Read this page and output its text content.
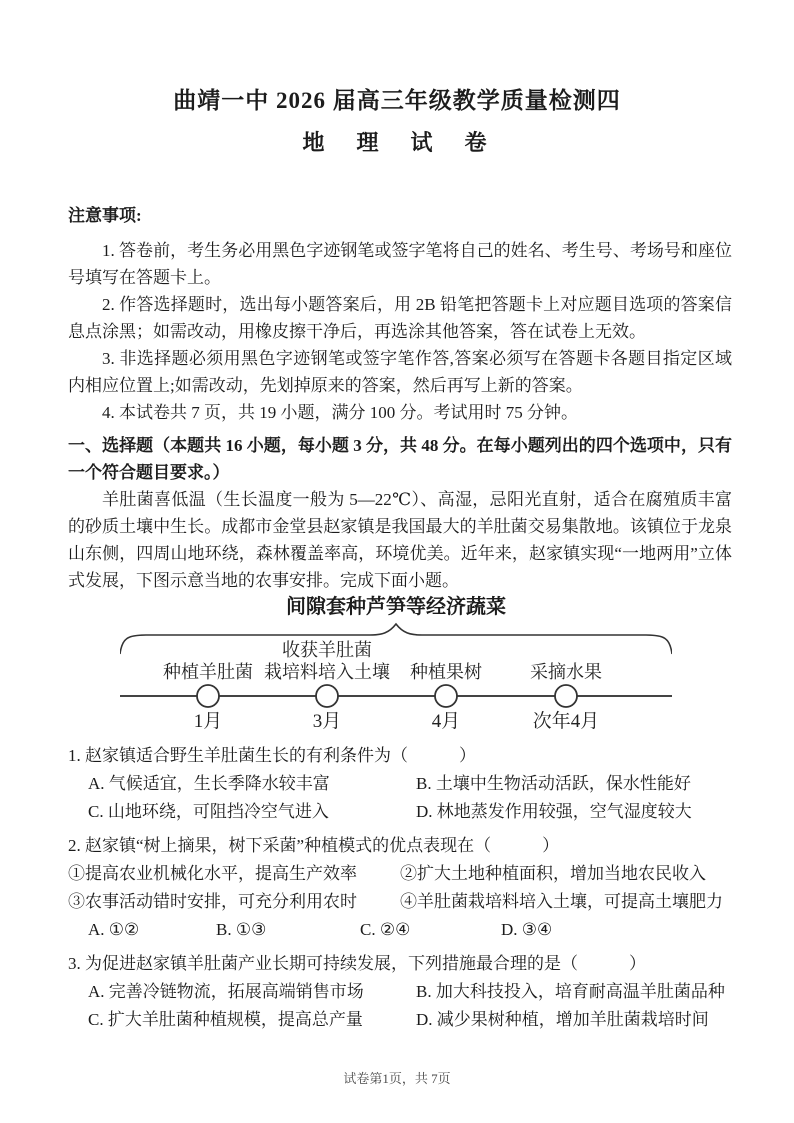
曲靖一中 2026 届高三年级教学质量检测四
地　理　试　卷
注意事项:

1. 答卷前，考生务必用黑色字迹钢笔或签字笔将自己的姓名、考生号、考场号和座位号填写在答题卡上。

2. 作答选择题时，选出每小题答案后，用 2B 铅笔把答题卡上对应题目选项的答案信息点涂黑；如需改动，用橡皮擦干净后，再选涂其他答案，答在试卷上无效。

3. 非选择题必须用黑色字迹钢笔或签字笔作答,答案必须写在答题卡各题目指定区域内相应位置上;如需改动，先划掉原来的答案，然后再写上新的答案。

4. 本试卷共 7 页，共 19 小题，满分 100 分。考试用时 75 分钟。

一、选择题（本题共 16 小题，每小题 3 分，共 48 分。在每小题列出的四个选项中，只有一个符合题目要求。）

羊肚菌喜低温（生长温度一般为 5—22℃）、高湿，忌阳光直射，适合在腐殖质丰富的砂质土壤中生长。成都市金堂县赵家镇是我国最大的羊肚菌交易集散地。该镇位于龙泉山东侧，四周山地环绕，森林覆盖率高，环境优美。近年来，赵家镇实现“一地两用”立体式发展，下图示意当地的农事安排。完成下面小题。

间隙套种芦笋等经济蔬菜
种植羊肚菌
收获羊肚菌
栽培料培入土壤 种植果树	采摘水果
1月	3月	4月	次年4月

1. 赵家镇适合野生羊肚菌生长的有利条件为（　　　）

A. 气候适宜，生长季降水较丰富	B. 土壤中生物活动活跃，保水性能好
C. 山地环绕，可阻挡冷空气进入	D. 林地蒸发作用较强，空气湿度较大

2. 赵家镇“树上摘果，树下采菌”种植模式的优点表现在（　　　）

①提高农业机械化水平，提高生产效率	②扩大土地种植面积，增加当地农民收入
③农事活动错时安排，可充分利用农时	④羊肚菌栽培料培入土壤，可提高土壤肥力
A. ①②	B. ①③	C. ②④	D. ③④

3. 为促进赵家镇羊肚菌产业长期可持续发展，下列措施最合理的是（　　　）

A. 完善冷链物流，拓展高端销售市场	B. 加大科技投入，培育耐高温羊肚菌品种
C. 扩大羊肚菌种植规模，提高总产量	D. 减少果树种植，增加羊肚菌栽培时间
试卷第1页，共 7页
